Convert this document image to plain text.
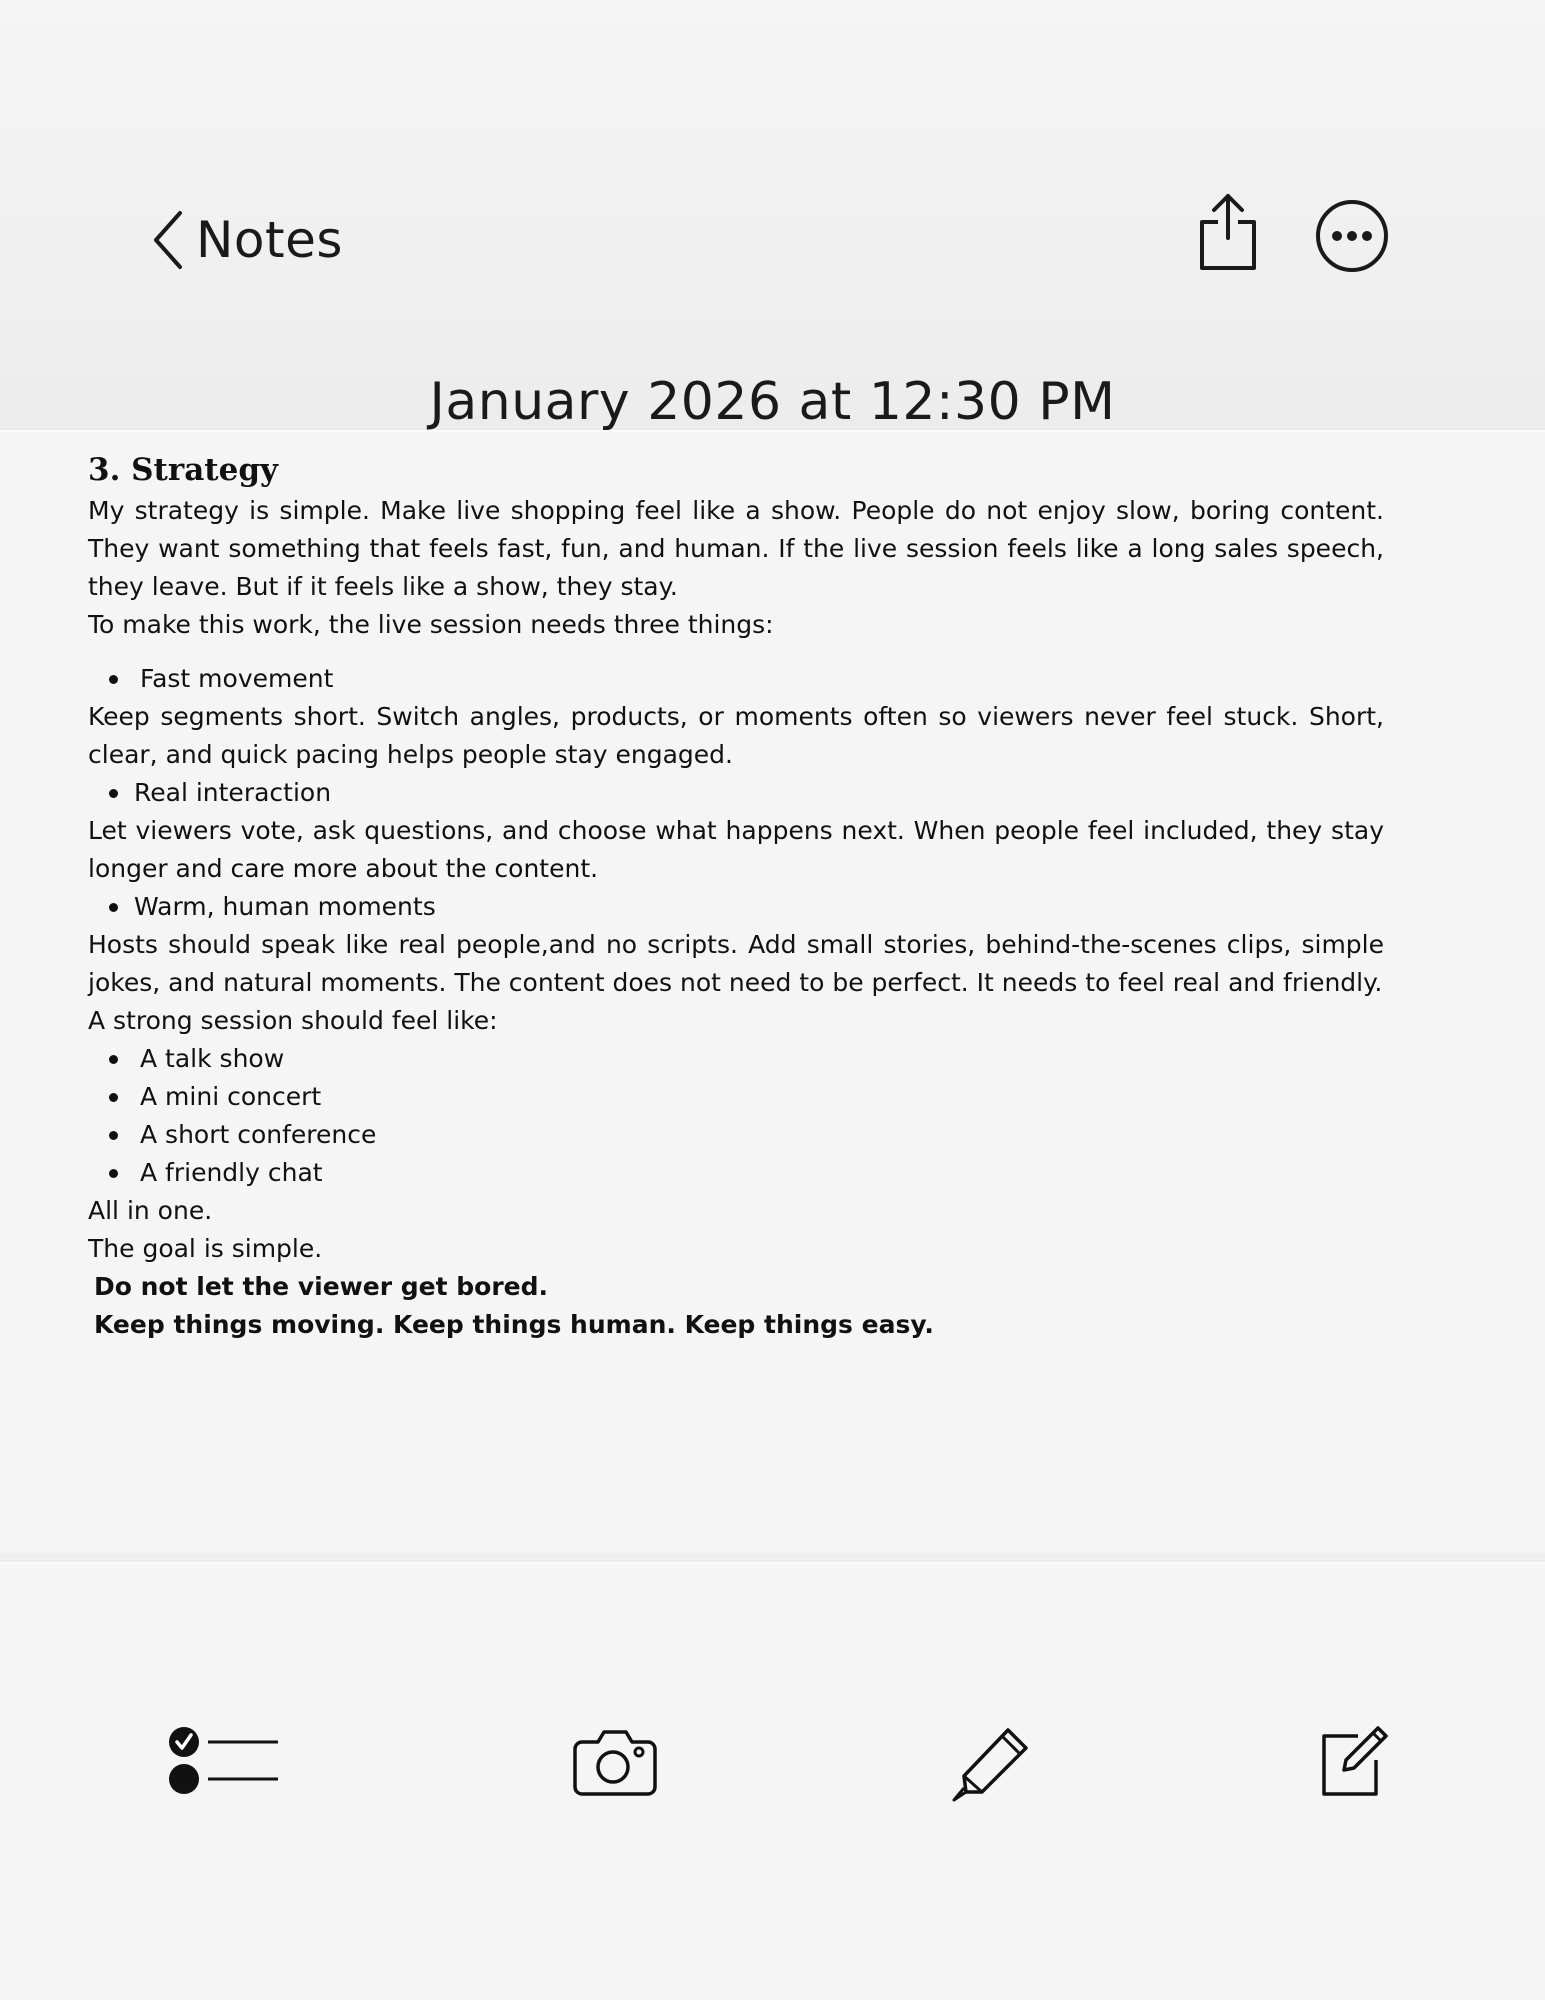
Notes
January 2026 at 12:30 PM

3. Strategy

My strategy is simple. Make live shopping feel like a show. People do not enjoy slow, boring content. They want something that feels fast, fun, and human. If the live session feels like a long sales speech, they leave. But if it feels like a show, they stay.

To make this work, the live session needs three things:

Fast movement

Keep segments short. Switch angles, products, or moments often so viewers never feel stuck. Short, clear, and quick pacing helps people stay engaged.

Real interaction

Let viewers vote, ask questions, and choose what happens next. When people feel included, they stay longer and care more about the content.

Warm, human moments

Hosts should speak like real people,and no scripts. Add small stories, behind-the-scenes clips, simple jokes, and natural moments. The content does not need to be perfect. It needs to feel real and friendly.

A strong session should feel like:

A talk show

A mini concert

A short conference

A friendly chat

All in one.

The goal is simple.

Do not let the viewer get bored.

Keep things moving. Keep things human. Keep things easy.
